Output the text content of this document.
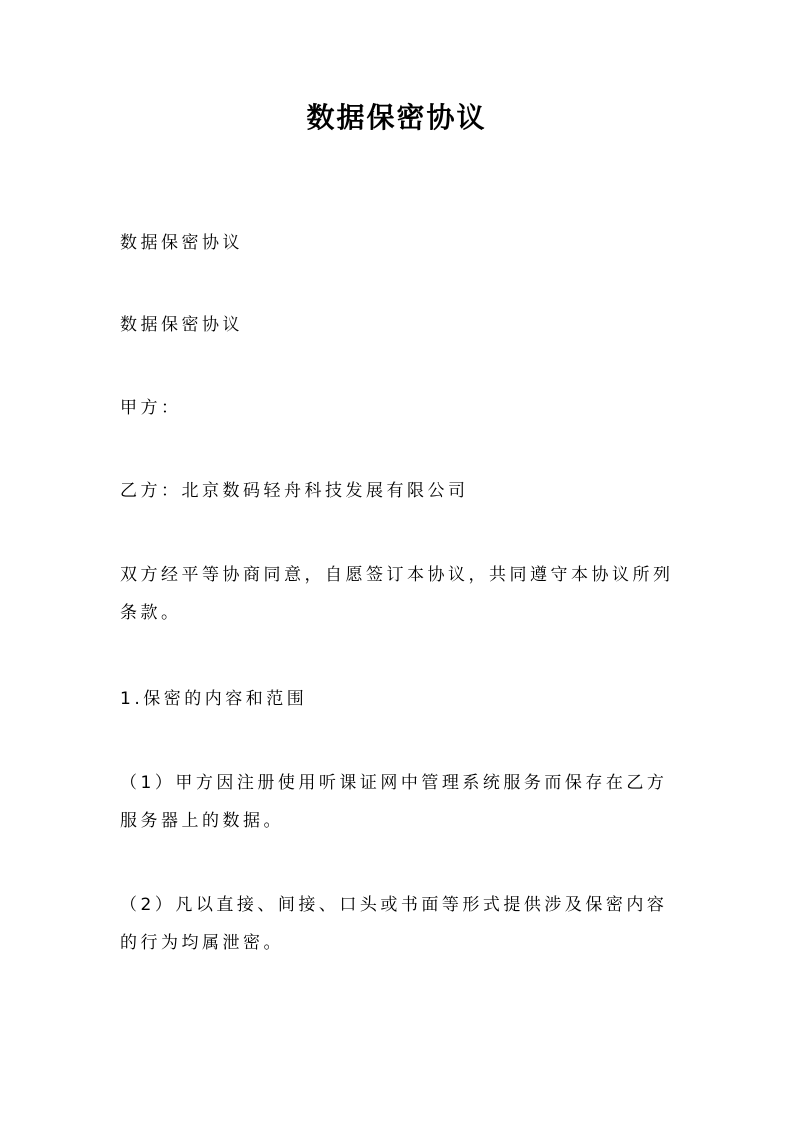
数据保密协议
数据保密协议
数据保密协议
甲方：
乙方：北京数码轻舟科技发展有限公司
双方经平等协商同意，自愿签订本协议，共同遵守本协议所列条款。
1.保密的内容和范围
（1）甲方因注册使用听课证网中管理系统服务而保存在乙方服务器上的数据。
（2）凡以直接、间接、口头或书面等形式提供涉及保密内容的行为均属泄密。
